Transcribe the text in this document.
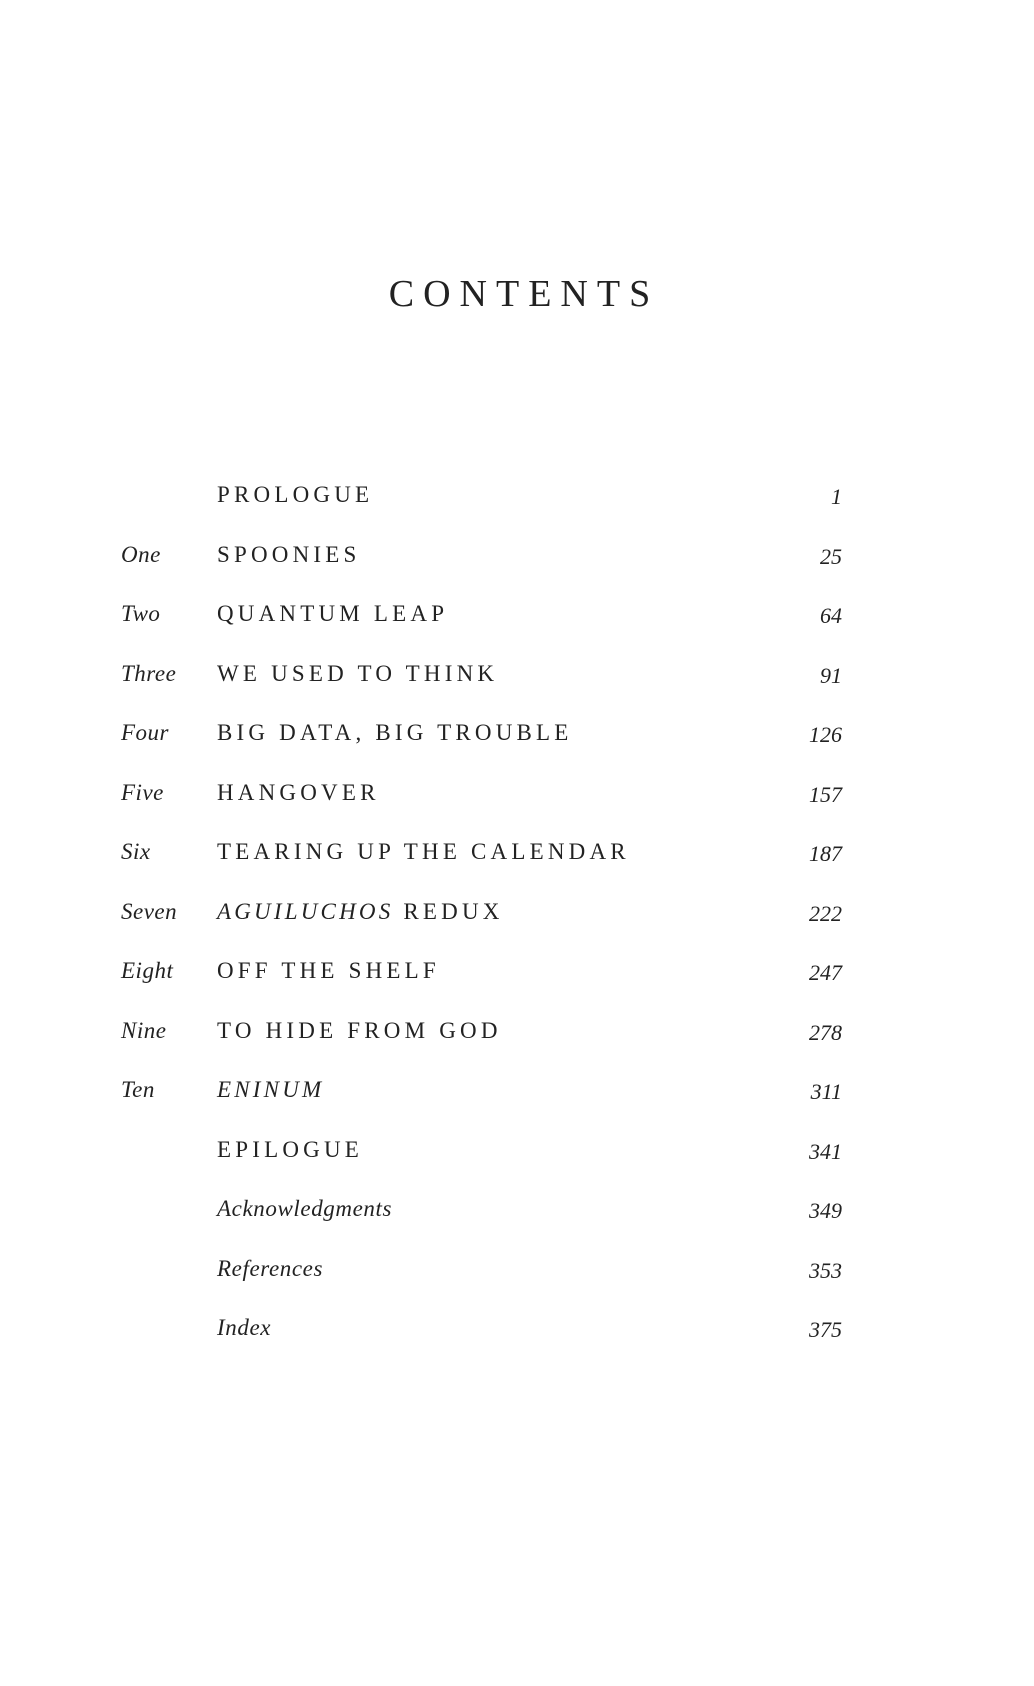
CONTENTS
PROLOGUE	1
One SPOONIES	25
Two QUANTUM LEAP	64
Three WE USED TO THINK	91
Four BIG DATA, BIG TROUBLE	126
Five HANGOVER	157
Six	TEARING UP THE CALENDAR	187
Seven AGUILUCHOS REDUX	222
Eight OFF THE SHELF	247
Nine TO HIDE FROM GOD	278
Ten	ENINUM	311
EPILOGUE	341
Acknowledgments	349
References	353
Index	375
